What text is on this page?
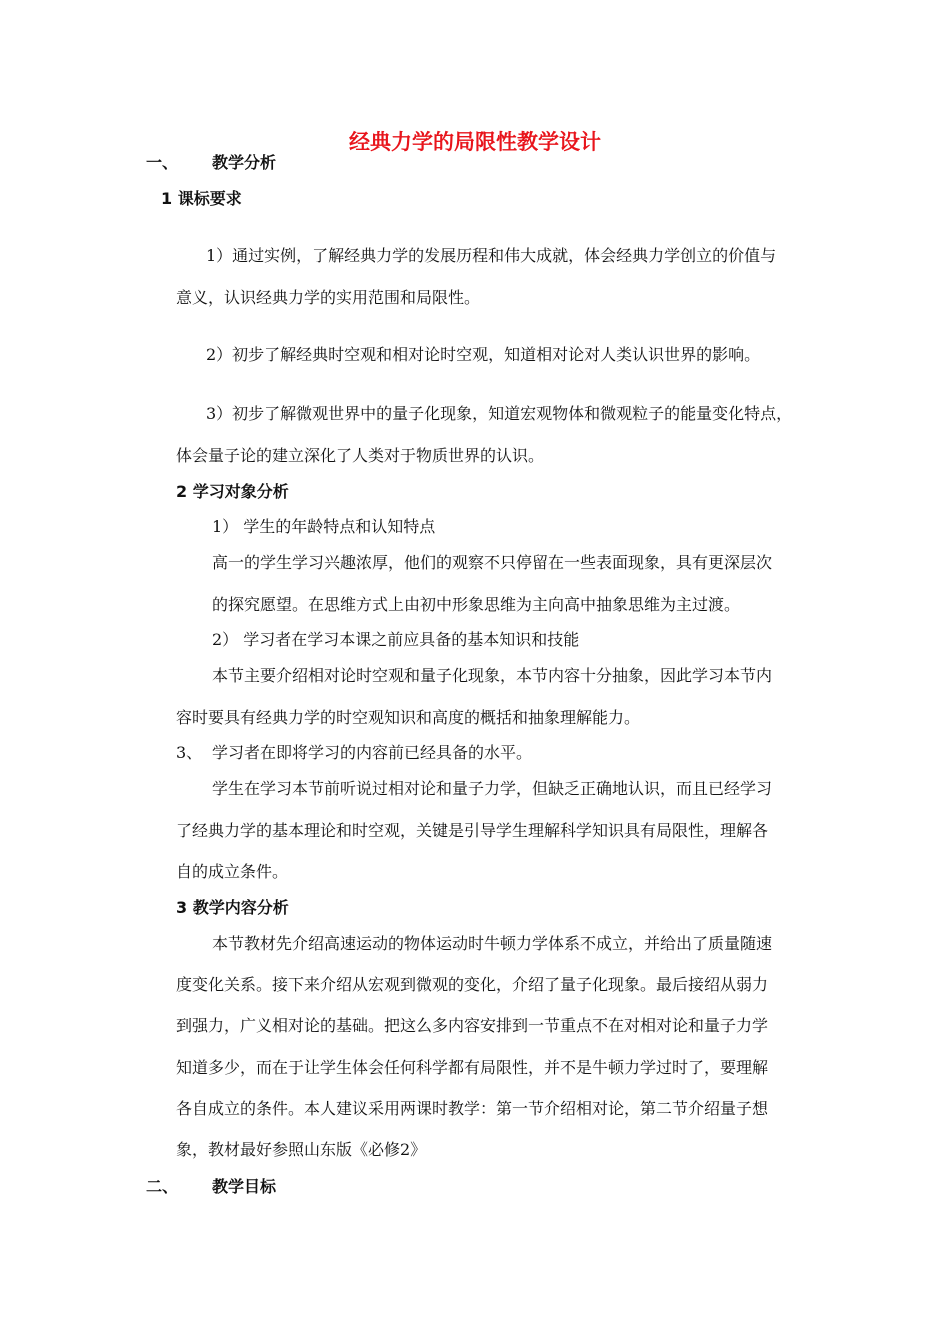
经典力学的局限性教学设计
一、 教学分析
1 课标要求
1）通过实例，了解经典力学的发展历程和伟大成就，体会经典力学创立的价值与
意义，认识经典力学的实用范围和局限性。
2）初步了解经典时空观和相对论时空观，知道相对论对人类认识世界的影响。
3）初步了解微观世界中的量子化现象，知道宏观物体和微观粒子的能量变化特点，
体会量子论的建立深化了人类对于物质世界的认识。
2 学习对象分析
1） 学生的年龄特点和认知特点
高一的学生学习兴趣浓厚，他们的观察不只停留在一些表面现象，具有更深层次
的探究愿望。在思维方式上由初中形象思维为主向高中抽象思维为主过渡。
2） 学习者在学习本课之前应具备的基本知识和技能
本节主要介绍相对论时空观和量子化现象，本节内容十分抽象，因此学习本节内
容时要具有经典力学的时空观知识和高度的概括和抽象理解能力。
3、 学习者在即将学习的内容前已经具备的水平。
学生在学习本节前听说过相对论和量子力学，但缺乏正确地认识，而且已经学习
了经典力学的基本理论和时空观，关键是引导学生理解科学知识具有局限性，理解各
自的成立条件。
3 教学内容分析
本节教材先介绍高速运动的物体运动时牛顿力学体系不成立，并给出了质量随速
度变化关系。接下来介绍从宏观到微观的变化，介绍了量子化现象。最后接绍从弱力
到强力，广义相对论的基础。把这么多内容安排到一节重点不在对相对论和量子力学
知道多少，而在于让学生体会任何科学都有局限性，并不是牛顿力学过时了，要理解
各自成立的条件。本人建议采用两课时教学：第一节介绍相对论，第二节介绍量子想
象，教材最好参照山东版《必修2》
二、 教学目标
